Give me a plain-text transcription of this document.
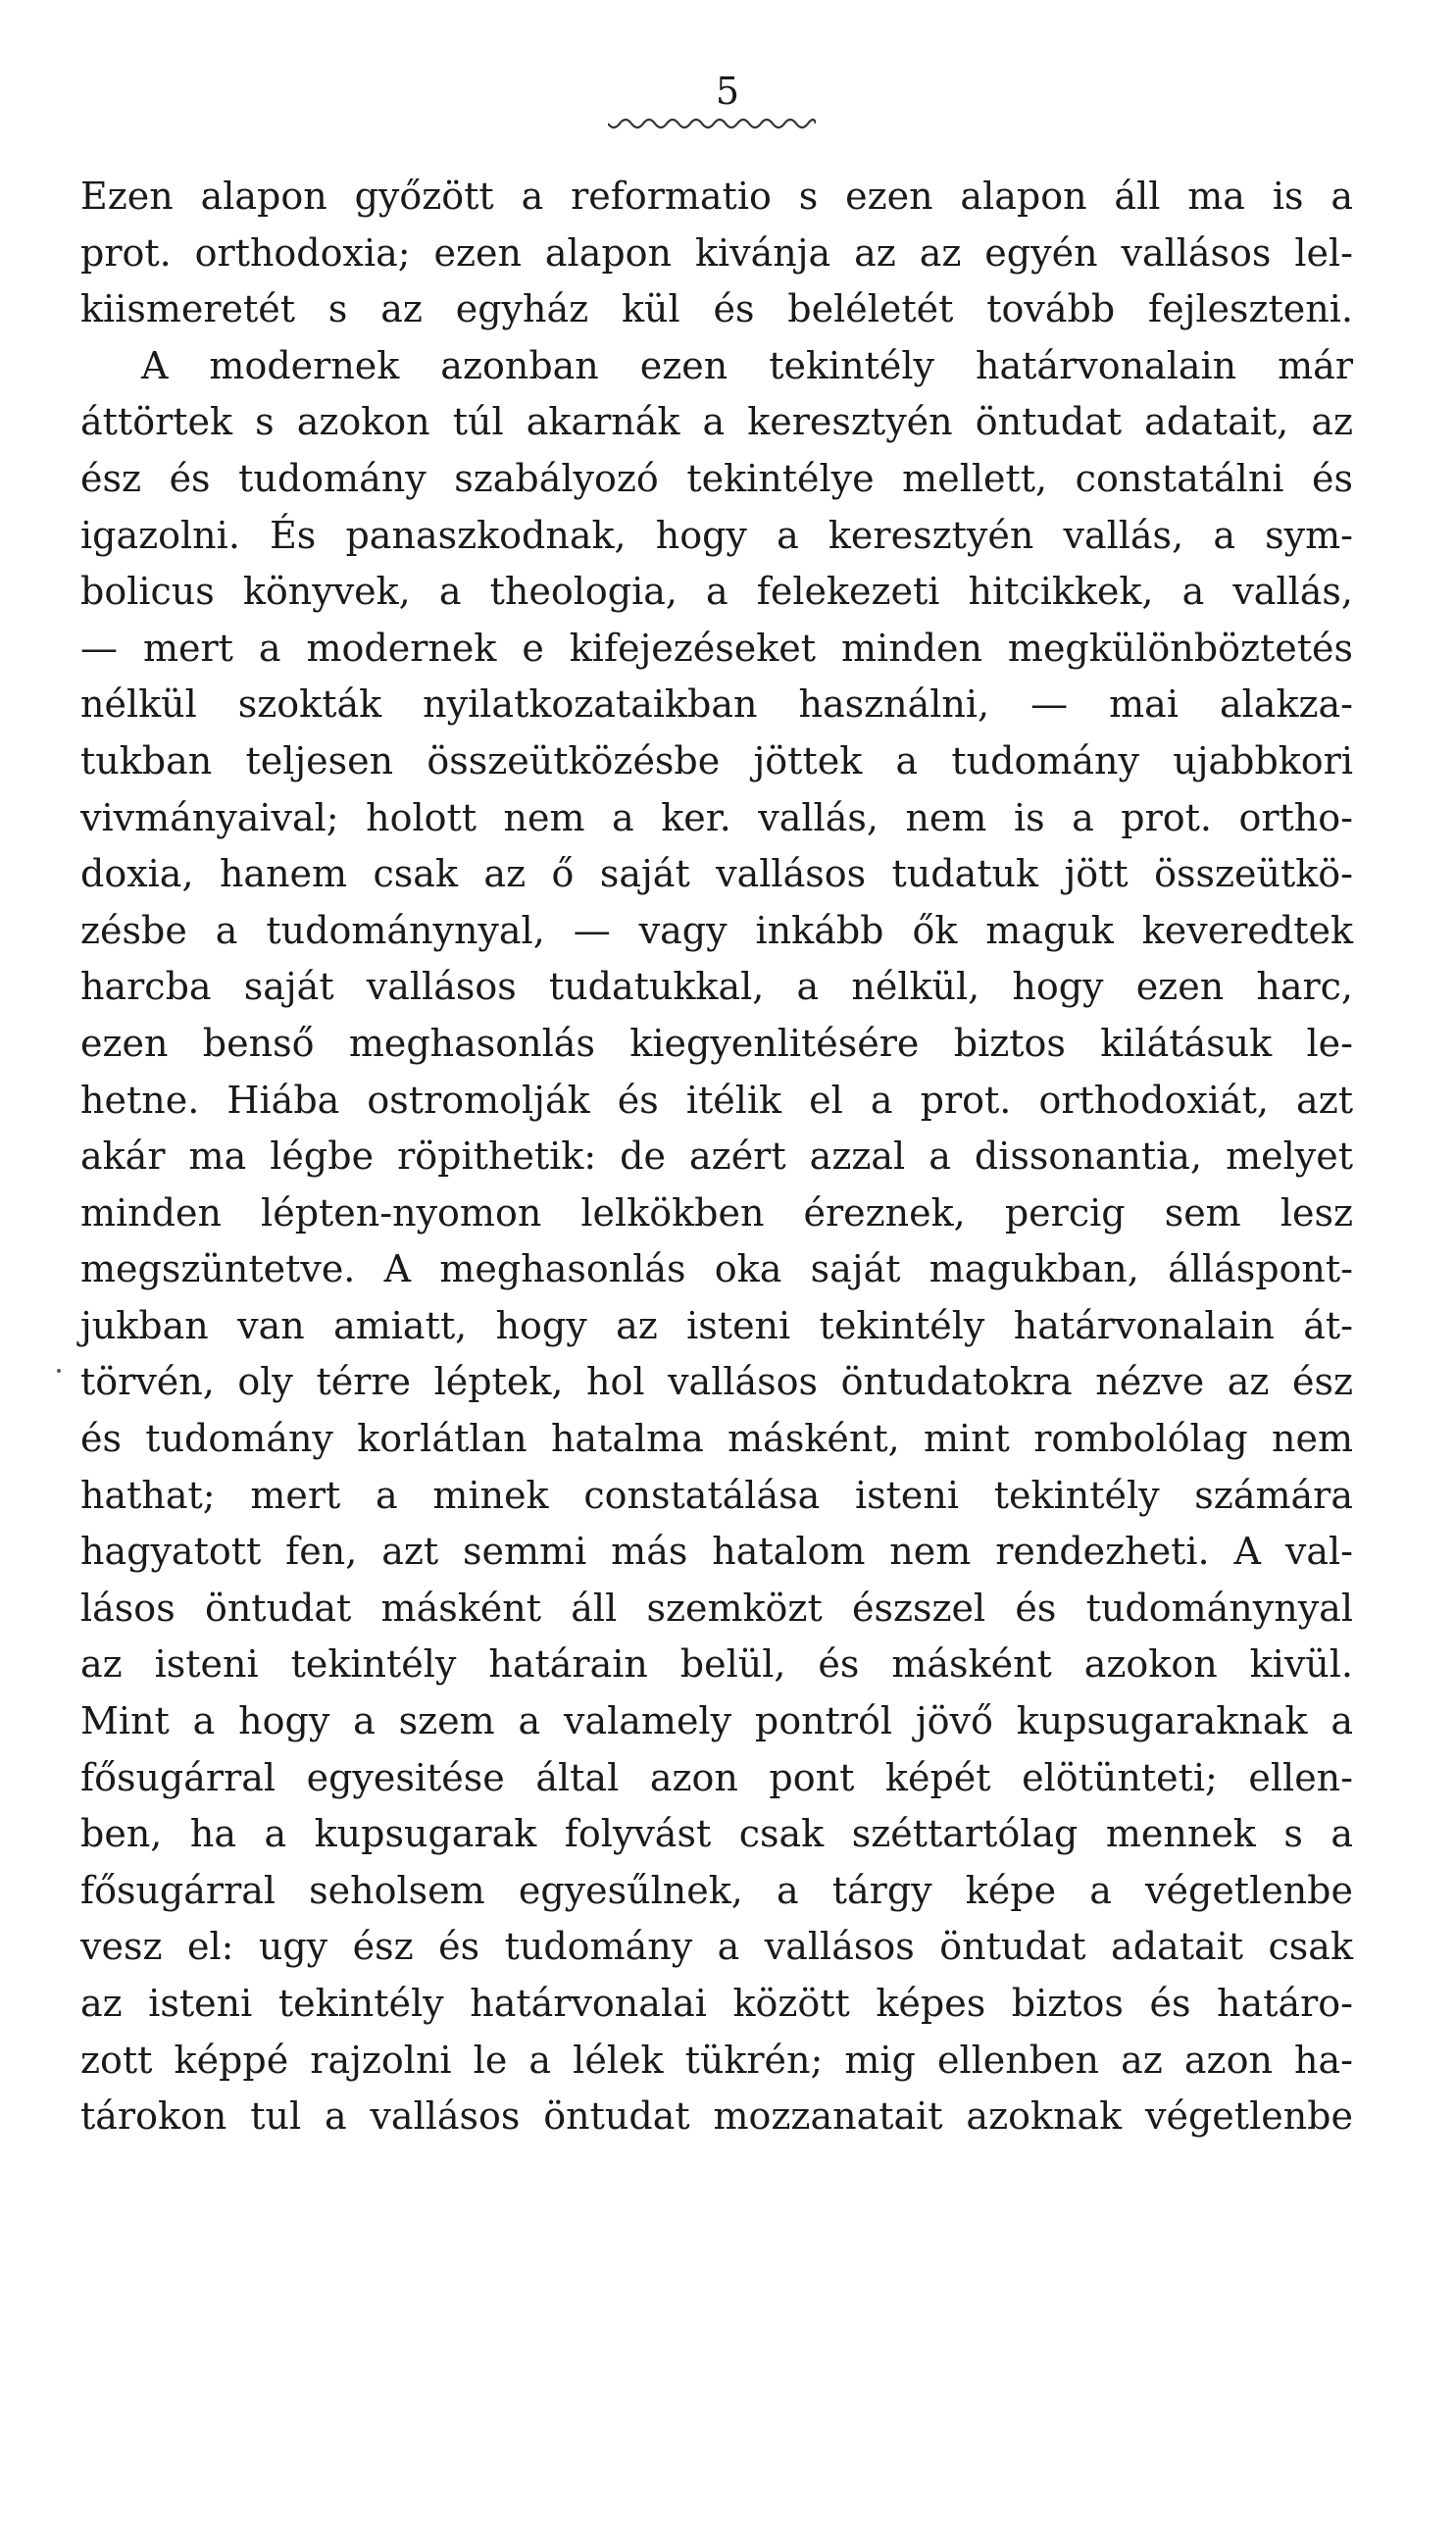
5
Ezen alapon győzött a reformatio s ezen alapon áll ma is a
prot. orthodoxia; ezen alapon kivánja az az egyén vallásos lel-
kiismeretét s az egyház kül és beléletét tovább fejleszteni.
A modernek azonban ezen tekintély határvonalain már
áttörtek s azokon túl akarnák a keresztyén öntudat adatait, az
ész és tudomány szabályozó tekintélye mellett, constatálni és
igazolni. És panaszkodnak, hogy a keresztyén vallás, a sym-
bolicus könyvek, a theologia, a felekezeti hitcikkek, a vallás,
— mert a modernek e kifejezéseket minden megkülönböztetés
nélkül szokták nyilatkozataikban használni, — mai alakza-
tukban teljesen összeütközésbe jöttek a tudomány ujabbkori
vivmányaival; holott nem a ker. vallás, nem is a prot. ortho-
doxia, hanem csak az ő saját vallásos tudatuk jött összeütkö-
zésbe a tudománynyal, — vagy inkább ők maguk keveredtek
harcba saját vallásos tudatukkal, a nélkül, hogy ezen harc,
ezen benső meghasonlás kiegyenlitésére biztos kilátásuk le-
hetne. Hiába ostromolják és itélik el a prot. orthodoxiát, azt
akár ma légbe röpithetik: de azért azzal a dissonantia, melyet
minden lépten-nyomon lelkökben éreznek, percig sem lesz
megszüntetve. A meghasonlás oka saját magukban, álláspont-
jukban van amiatt, hogy az isteni tekintély határvonalain át-
törvén, oly térre léptek, hol vallásos öntudatokra nézve az ész
és tudomány korlátlan hatalma másként, mint rombolólag nem
hathat; mert a minek constatálása isteni tekintély számára
hagyatott fen, azt semmi más hatalom nem rendezheti. A val-
lásos öntudat másként áll szemközt észszel és tudománynyal
az isteni tekintély határain belül, és másként azokon kivül.
Mint a hogy a szem a valamely pontról jövő kupsugaraknak a
fősugárral egyesitése által azon pont képét elötünteti; ellen-
ben, ha a kupsugarak folyvást csak széttartólag mennek s a
fősugárral seholsem egyesűlnek, a tárgy képe a végetlenbe
vesz el: ugy ész és tudomány a vallásos öntudat adatait csak
az isteni tekintély határvonalai között képes biztos és határo-
zott képpé rajzolni le a lélek tükrén; mig ellenben az azon ha-
tárokon tul a vallásos öntudat mozzanatait azoknak végetlenbe
